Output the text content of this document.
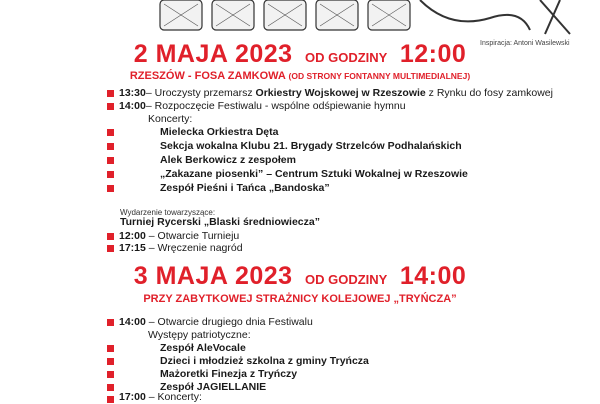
Inspiracja: Antoni Wasilewski
2 MAJA 2023 OD GODZINY 12:00
RZESZÓW - FOSA ZAMKOWA (OD STRONY FONTANNY MULTIMEDIALNEJ)
13:30– Uroczysty przemarsz Orkiestry Wojskowej w Rzeszowie z Rynku do fosy zamkowej
14:00– Rozpoczęcie Festiwalu - wspólne odśpiewanie hymnu
Koncerty:
Mielecka Orkiestra Dęta
Sekcja wokalna Klubu 21. Brygady Strzelców Podhalańskich
Alek Berkowicz z zespołem
„Zakazane piosenki” – Centrum Sztuki Wokalnej w Rzeszowie
Zespół Pieśni i Tańca „Bandoska”
Wydarzenie towarzyszące:
Turniej Rycerski „Blaski średniowiecza”
12:00 – Otwarcie Turnieju
17:15 – Wręczenie nagród
3 MAJA 2023 OD GODZINY 14:00
PRZY ZABYTKOWEJ STRAŻNICY KOLEJOWEJ „TRYŃCZA”
14:00 – Otwarcie drugiego dnia Festiwalu
Występy patriotyczne:
Zespół AleVocale
Dzieci i młodzież szkolna z gminy Tryńcza
Mażoretki Finezja z Tryńczy
Zespół JAGIELLANIE
17:00 – Koncerty:
